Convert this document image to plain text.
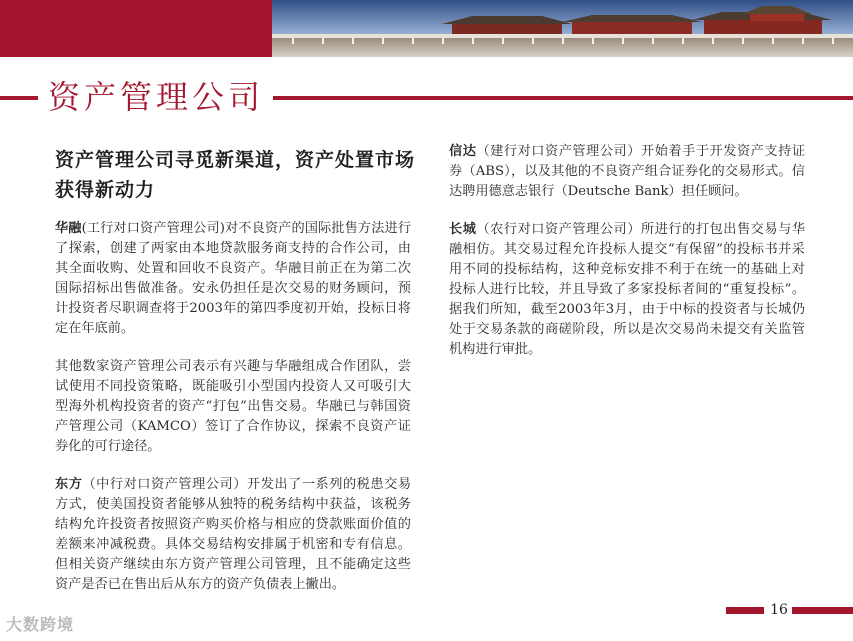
资产管理公司
资产管理公司寻觅新渠道，资产处置市场获得新动力

华融(工行对口资产管理公司)对不良资产的国际批售方法进行了探索，创建了两家由本地贷款服务商支持的合作公司，由其全面收购、处置和回收不良资产。华融目前正在为第二次国际招标出售做准备。安永仍担任是次交易的财务顾问，预计投资者尽职调查将于2003年的第四季度初开始，投标日将定在年底前。

其他数家资产管理公司表示有兴趣与华融组成合作团队，尝试使用不同投资策略，既能吸引小型国内投资人又可吸引大型海外机构投资者的资产“打包”出售交易。华融已与韩国资产管理公司（KAMCO）签订了合作协议，探索不良资产证券化的可行途径。

东方（中行对口资产管理公司）开发出了一系列的税患交易方式，使美国投资者能够从独特的税务结构中获益，该税务结构允许投资者按照资产购买价格与相应的贷款账面价值的差额来冲减税费。具体交易结构安排属于机密和专有信息。但相关资产继续由东方资产管理公司管理，且不能确定这些资产是否已在售出后从东方的资产负债表上撇出。

信达（建行对口资产管理公司）开始着手于开发资产支持证券（ABS），以及其他的不良资产组合证券化的交易形式。信达聘用德意志银行（Deutsche Bank）担任顾问。

长城（农行对口资产管理公司）所进行的打包出售交易与华融相仿。其交易过程允许投标人提交“有保留”的投标书并采用不同的投标结构，这种竞标安排不利于在统一的基础上对投标人进行比较，并且导致了多家投标者间的“重复投标”。据我们所知，截至2003年3月，由于中标的投资者与长城仍处于交易条款的商磋阶段，所以是次交易尚未提交有关监管机构进行审批。

16
大数跨境
